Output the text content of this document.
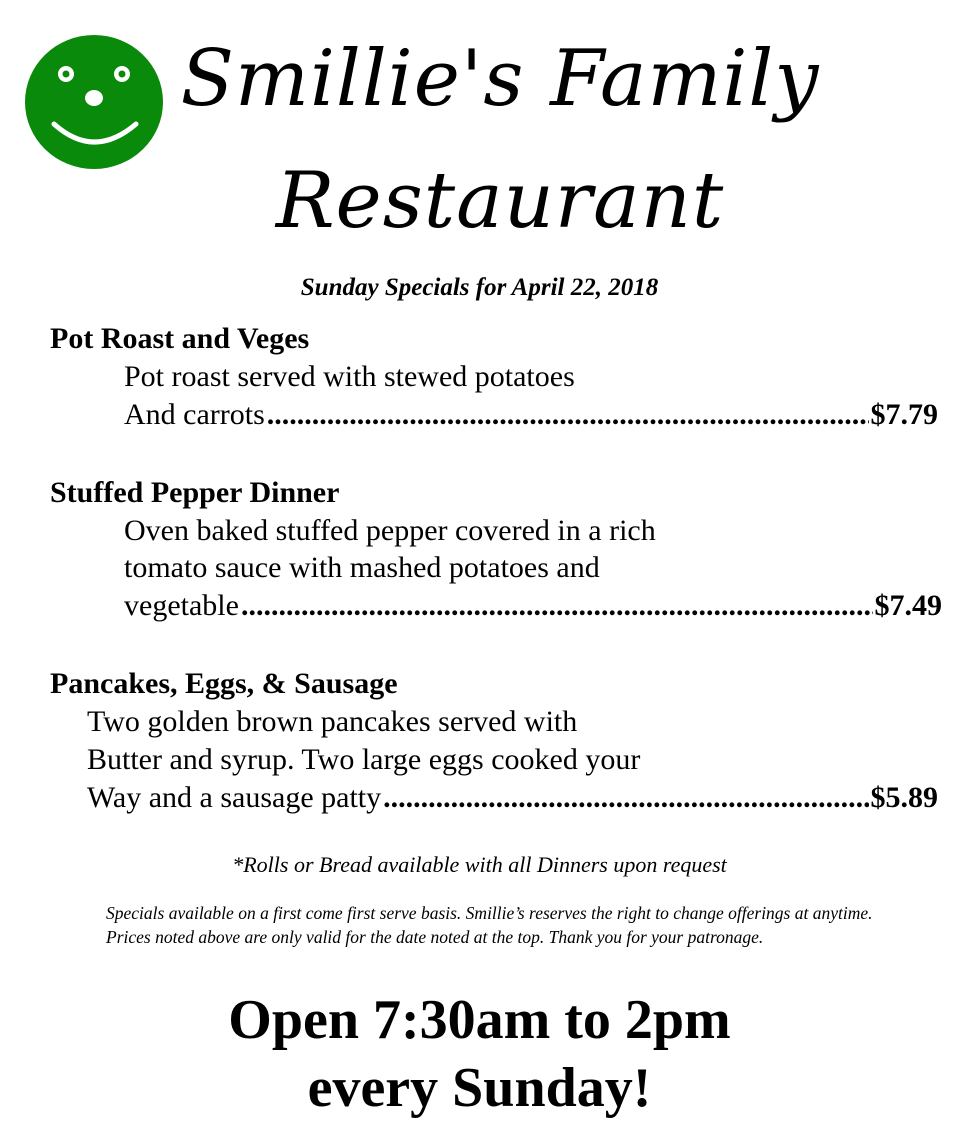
Smillie's Family
Restaurant
Sunday Specials for April 22, 2018
Pot Roast and Veges
Pot roast served with stewed potatoes
And carrots .....	$7.79
Stuffed Pepper Dinner
Oven baked stuffed pepper covered in a rich
tomato sauce with mashed potatoes and
vegetable .....	$7.49
Pancakes, Eggs, & Sausage
Two golden brown pancakes served with
Butter and syrup. Two large eggs cooked your
Way and a sausage patty .....	$5.89
*Rolls or Bread available with all Dinners upon request
Specials available on a first come first serve basis. Smillie’s reserves the right to change offerings at anytime. Prices noted above are only valid for the date noted at the top. Thank you for your patronage.
Open 7:30am to 2pm
every Sunday!
